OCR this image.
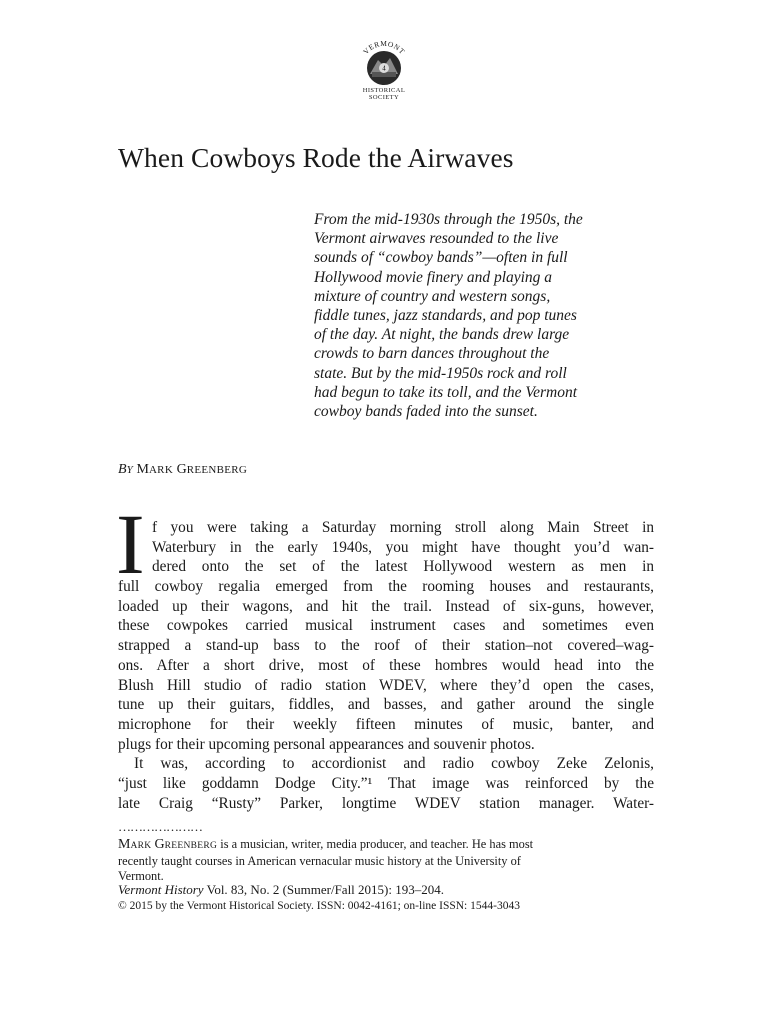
VERMONT
4
HISTORICAL
SOCIETY
When Cowboys Rode the Airwaves
From the mid-1930s through the 1950s, the
Vermont airwaves resounded to the live
sounds of “cowboy bands”—often in full
Hollywood movie finery and playing a
mixture of country and western songs,
fiddle tunes, jazz standards, and pop tunes
of the day. At night, the bands drew large
crowds to barn dances throughout the
state. But by the mid-1950s rock and roll
had begun to take its toll, and the Vermont
cowboy bands faded into the sunset.
BY MARK GREENBERG
I f you were taking a Saturday morning stroll along Main Street in
Waterbury in the early 1940s, you might have thought you’d wan-
dered onto the set of the latest Hollywood western as men in
full cowboy regalia emerged from the rooming houses and restaurants,
loaded up their wagons, and hit the trail. Instead of six-guns, however,
these cowpokes carried musical instrument cases and sometimes even
strapped a stand-up bass to the roof of their station–not covered–wag-
ons. After a short drive, most of these hombres would head into the
Blush Hill studio of radio station WDEV, where they’d open the cases,
tune up their guitars, fiddles, and basses, and gather around the single
microphone for their weekly fifteen minutes of music, banter, and
plugs for their upcoming personal appearances and souvenir photos.
It was, according to accordionist and radio cowboy Zeke Zelonis,
“just like goddamn Dodge City.”¹ That image was reinforced by the
late Craig “Rusty” Parker, longtime WDEV station manager. Water-
…………………
MARK GREENBERG is a musician, writer, media producer, and teacher. He has most
recently taught courses in American vernacular music history at the University of
Vermont.
Vermont History Vol. 83, No. 2 (Summer/Fall 2015): 193–204.
© 2015 by the Vermont Historical Society. ISSN: 0042-4161; on-line ISSN: 1544-3043
